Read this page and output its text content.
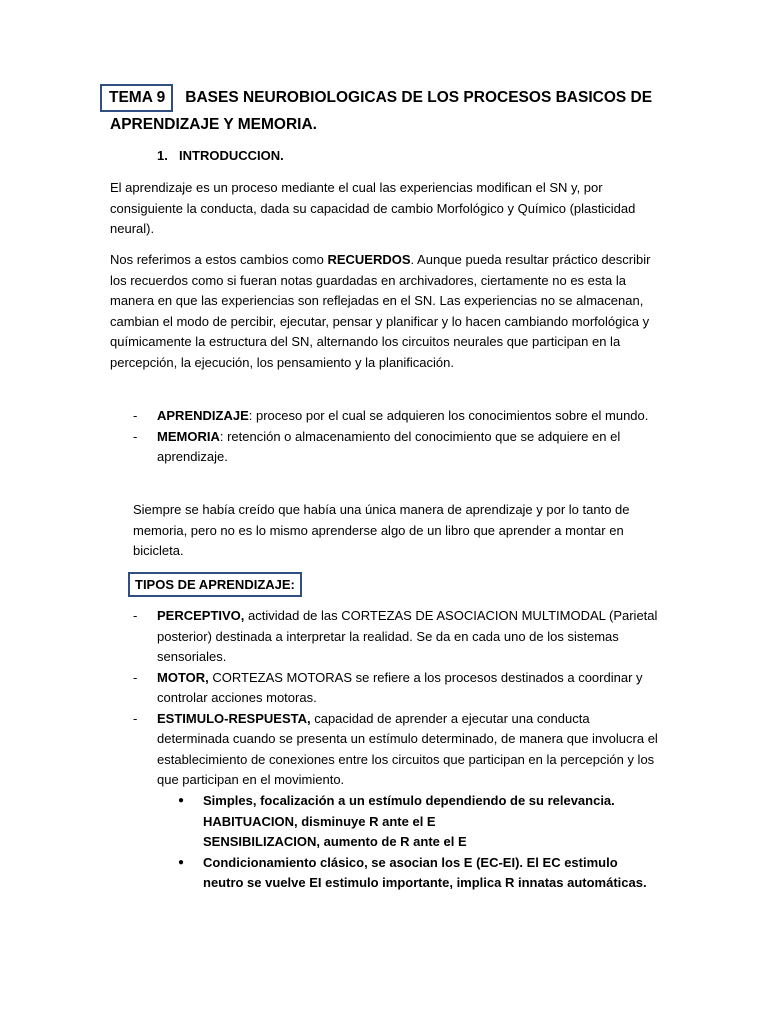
TEMA 9 BASES NEUROBIOLOGICAS DE LOS PROCESOS BASICOS DE APRENDIZAJE Y MEMORIA.
1. INTRODUCCION.

El aprendizaje es un proceso mediante el cual las experiencias modifican el SN y, por consiguiente la conducta, dada su capacidad de cambio Morfológico y Químico (plasticidad neural).

Nos referimos a estos cambios como RECUERDOS. Aunque pueda resultar práctico describir los recuerdos como si fueran notas guardadas en archivadores, ciertamente no es esta la manera en que las experiencias son reflejadas en el SN. Las experiencias no se almacenan, cambian el modo de percibir, ejecutar, pensar y planificar y lo hacen cambiando morfológica y químicamente la estructura del SN, alternando los circuitos neurales que participan en la percepción, la ejecución, los pensamiento y la planificación.

- APRENDIZAJE: proceso por el cual se adquieren los conocimientos sobre el mundo.
- MEMORIA: retención o almacenamiento del conocimiento que se adquiere en el aprendizaje.

Siempre se había creído que había una única manera de aprendizaje y por lo tanto de memoria, pero no es lo mismo aprenderse algo de un libro que aprender a montar en bicicleta.

TIPOS DE APRENDIZAJE:
- PERCEPTIVO, actividad de las CORTEZAS DE ASOCIACION MULTIMODAL (Parietal posterior) destinada a interpretar la realidad. Se da en cada uno de los sistemas sensoriales.
- MOTOR, CORTEZAS MOTORAS se refiere a los procesos destinados a coordinar y controlar acciones motoras.
- ESTIMULO-RESPUESTA, capacidad de aprender a ejecutar una conducta determinada cuando se presenta un estímulo determinado, de manera que involucra el establecimiento de conexiones entre los circuitos que participan en la percepción y los que participan en el movimiento.
● Simples, focalización a un estímulo dependiendo de su relevancia.
HABITUACION, disminuye R ante el E
SENSIBILIZACION, aumento de R ante el E
● Condicionamiento clásico, se asocian los E (EC-EI). El EC estimulo neutro se vuelve EI estimulo importante, implica R innatas automáticas.
